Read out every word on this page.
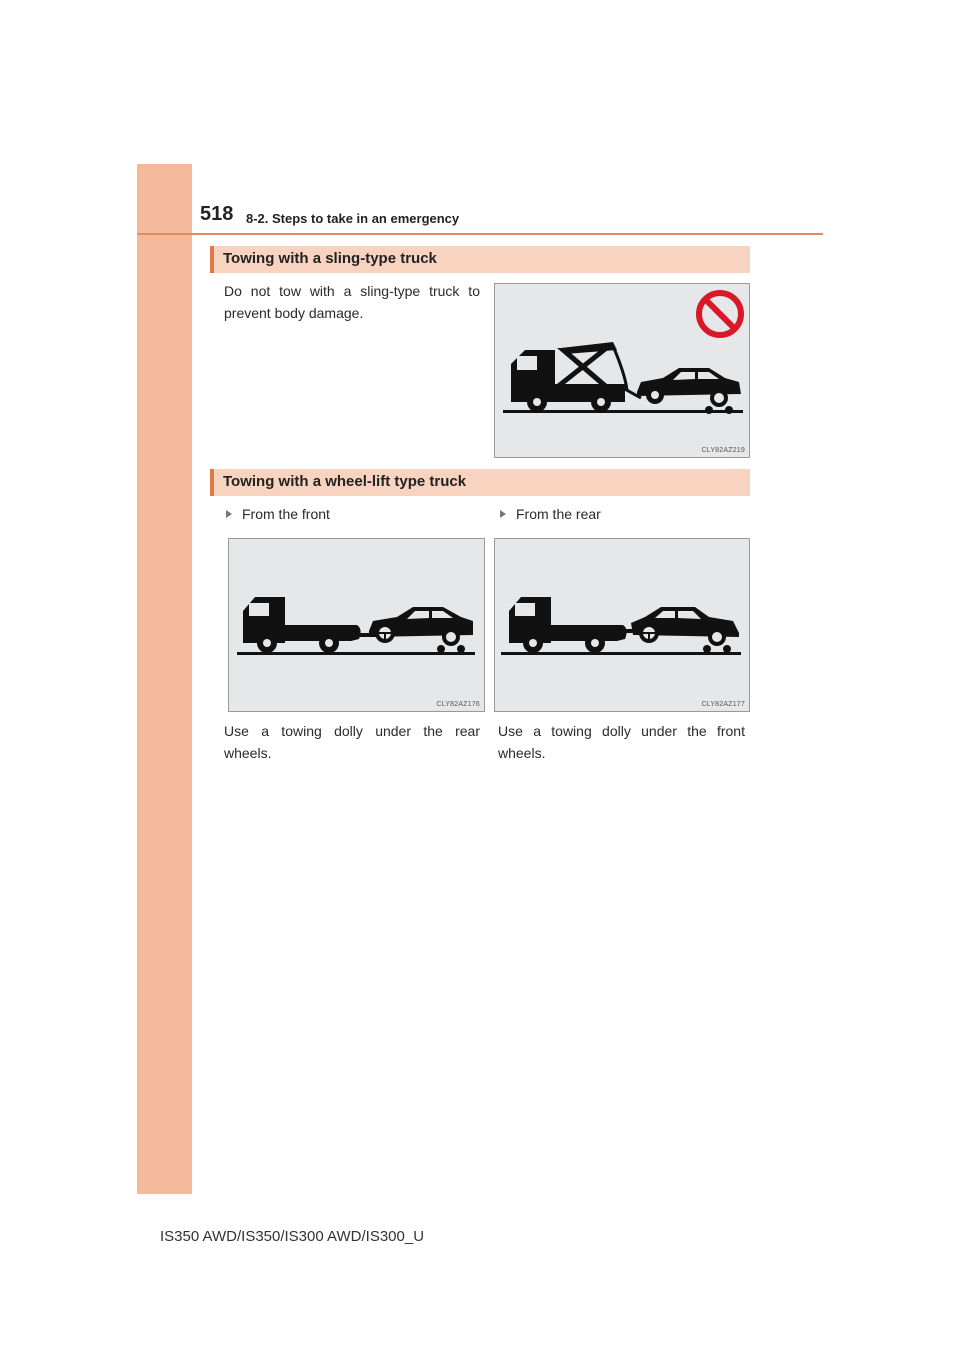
518 8-2. Steps to take in an emergency
Towing with a sling-type truck
Do not tow with a sling-type truck to prevent body damage.
CLY82AZ219
Towing with a wheel-lift type truck
From the front	From the rear
CLY82AZ176	CLY82AZ177
Use a towing dolly under the rear wheels.
Use a towing dolly under the front wheels.
IS350 AWD/IS350/IS300 AWD/IS300_U
